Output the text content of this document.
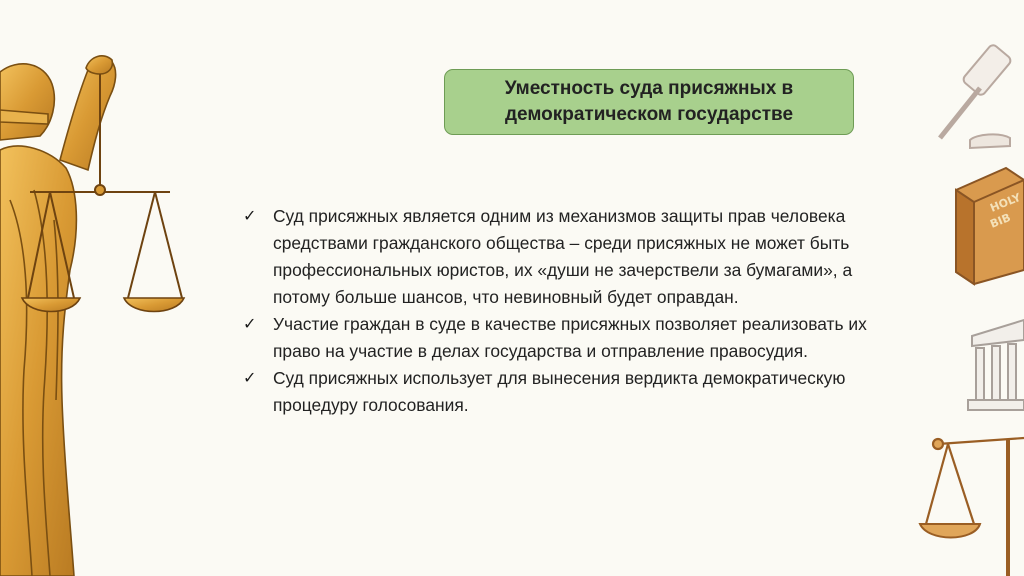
HOLY
BIB
Уместность суда присяжных в демократическом государстве
✓ Суд присяжных является одним из механизмов защиты прав человека средствами гражданского общества – среди присяжных не может быть профессиональных юристов, их «души не зачерствели за бумагами», а потому больше шансов, что невиновный будет оправдан.
✓ Участие граждан в суде в качестве присяжных позволяет реализовать их право на участие в делах государства и отправление правосудия.
✓ Суд присяжных использует для вынесения вердикта демократическую процедуру голосования.
